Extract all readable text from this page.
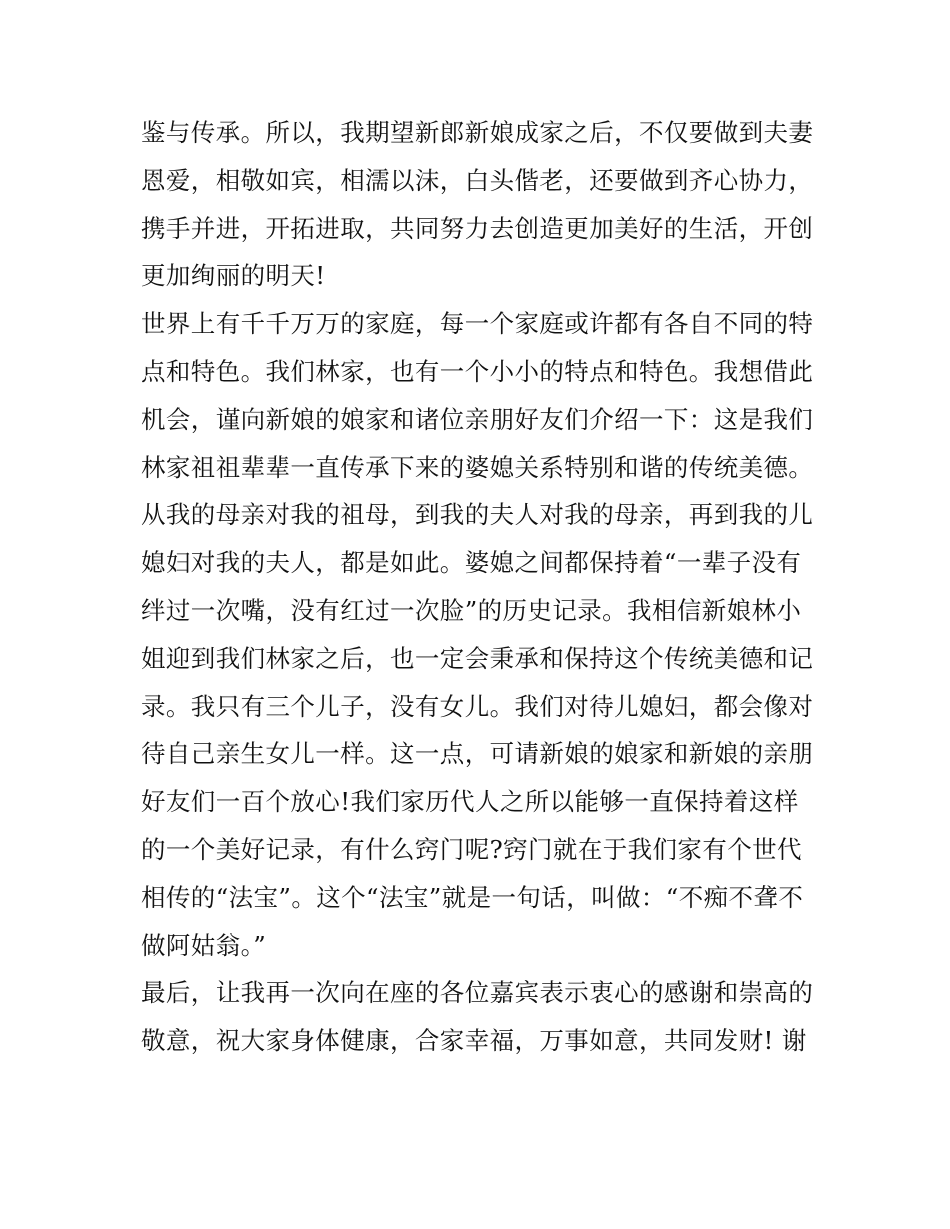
鉴与传承。所以，我期望新郎新娘成家之后，不仅要做到夫妻
恩爱，相敬如宾，相濡以沫，白头偕老，还要做到齐心协力，
携手并进，开拓进取，共同努力去创造更加美好的生活，开创
更加绚丽的明天!
世界上有千千万万的家庭，每一个家庭或许都有各自不同的特
点和特色。我们林家，也有一个小小的特点和特色。我想借此
机会，谨向新娘的娘家和诸位亲朋好友们介绍一下：这是我们
林家祖祖辈辈一直传承下来的婆媳关系特别和谐的传统美德。
从我的母亲对我的祖母，到我的夫人对我的母亲，再到我的儿
媳妇对我的夫人，都是如此。婆媳之间都保持着“一辈子没有
绊过一次嘴，没有红过一次脸”的历史记录。我相信新娘林小
姐迎到我们林家之后，也一定会秉承和保持这个传统美德和记
录。我只有三个儿子，没有女儿。我们对待儿媳妇，都会像对
待自己亲生女儿一样。这一点，可请新娘的娘家和新娘的亲朋
好友们一百个放心!我们家历代人之所以能够一直保持着这样
的一个美好记录，有什么窍门呢?窍门就在于我们家有个世代
相传的“法宝”。这个“法宝”就是一句话，叫做：“不痴不聋不
做阿姑翁。”
最后，让我再一次向在座的各位嘉宾表示衷心的感谢和崇高的
敬意，祝大家身体健康，合家幸福，万事如意，共同发财! 谢
